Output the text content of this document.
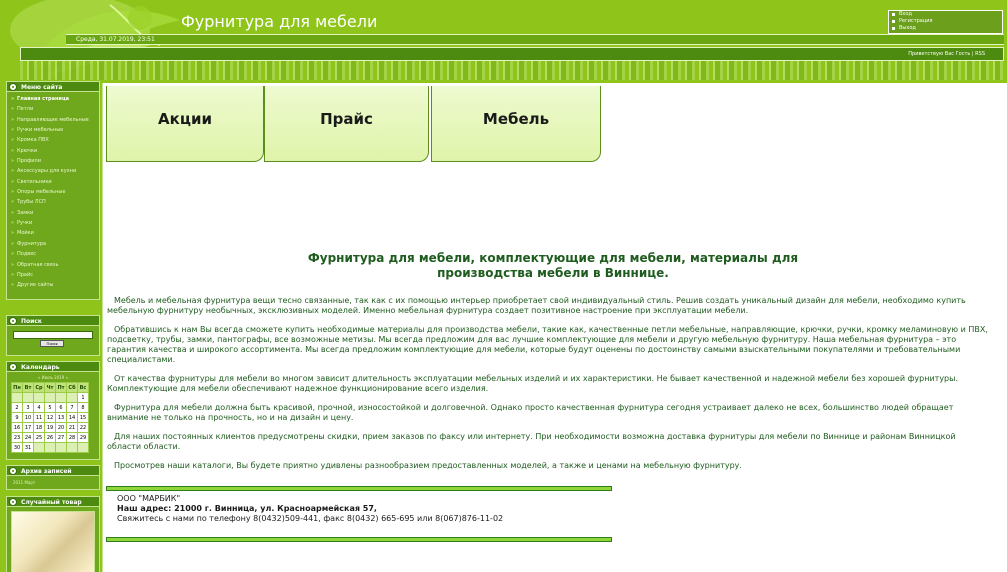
Фурнитура для мебели	Вход
Регистрация
Выход
Среда, 31.07.2019, 23:51
Приветствую Вас Гость | RSS
Меню сайта
» Главная страница
» Петли
» Направляющие мебельные
» Ручки мебельные
» Кромка ПВХ
» Крючки
» Профили
» Аксессуары для кухни
» Светильники
» Опоры мебельные
» Трубы ЛСП
» Замки
» Ручки
» Мойки
» Фурнитура
» Подвес
» Обратная связь
» Прайс
» Другие сайты
Поиск
Поиск
Календарь
« Июль 2019 »
Пн	Вт	Ср	Чт	Пт	Сб	Вс
						1
2	3	4	5	6	7	8
9	10	11	12	13	14	15
16	17	18	19	20	21	22
23	24	25	26	27	28	29
30	31					
Архив записей
2011 Март
Случайный товар
Акции	Прайс	Мебель
Фурнитура для мебели, комплектующие для мебели, материалы для
производства мебели в Виннице.

Мебель и мебельная фурнитура вещи тесно связанные, так как с их помощью интерьер приобретает свой индивидуальный стиль. Решив создать уникальный дизайн для мебели, необходимо купить мебельную фурнитуру необычных, эксклюзивных моделей. Именно мебельная фурнитура создает позитивное настроение при эксплуатации мебели.

Обратившись к нам Вы всегда сможете купить необходимые материалы для производства мебели, такие как, качественные петли мебельные, направляющие, крючки, ручки, кромку меламиновую и ПВХ, подсветку, трубы, замки, пантографы, все возможные метизы. Мы всегда предложим для вас лучшие комплектующие для мебели и другую мебельную фурнитуру. Наша мебельная фурнитура – это гарантия качества и широкого ассортимента. Мы всегда предложим комплектующие для мебели, которые будут оценены по достоинству самыми взыскательными покупателями и требовательными специалистами.

От качества фурнитуры для мебели во многом зависит длительность эксплуатации мебельных изделий и их характеристики. Не бывает качественной и надежной мебели без хорошей фурнитуры. Комплектующие для мебели обеспечивают надежное функционирование всего изделия.

Фурнитура для мебели должна быть красивой, прочной, износостойкой и долговечной. Однако просто качественная фурнитура сегодня устраивает далеко не всех, большинство людей обращает внимание не только на прочность, но и на дизайн и цену.

Для наших постоянных клиентов предусмотрены скидки, прием заказов по факсу или интернету. При необходимости возможна доставка фурнитуры для мебели по Виннице и районам Винницкой области области.

Просмотрев наши каталоги, Вы будете приятно удивлены разнообразием предоставленных моделей, а также и ценами на мебельную фурнитуру.

ООО "МАРБИК"
Наш адрес: 21000 г. Винница, ул. Красноармейская 57,
Свяжитесь с нами по телефону 8(0432)509-441, факс 8(0432) 665-695 или 8(067)876-11-02
